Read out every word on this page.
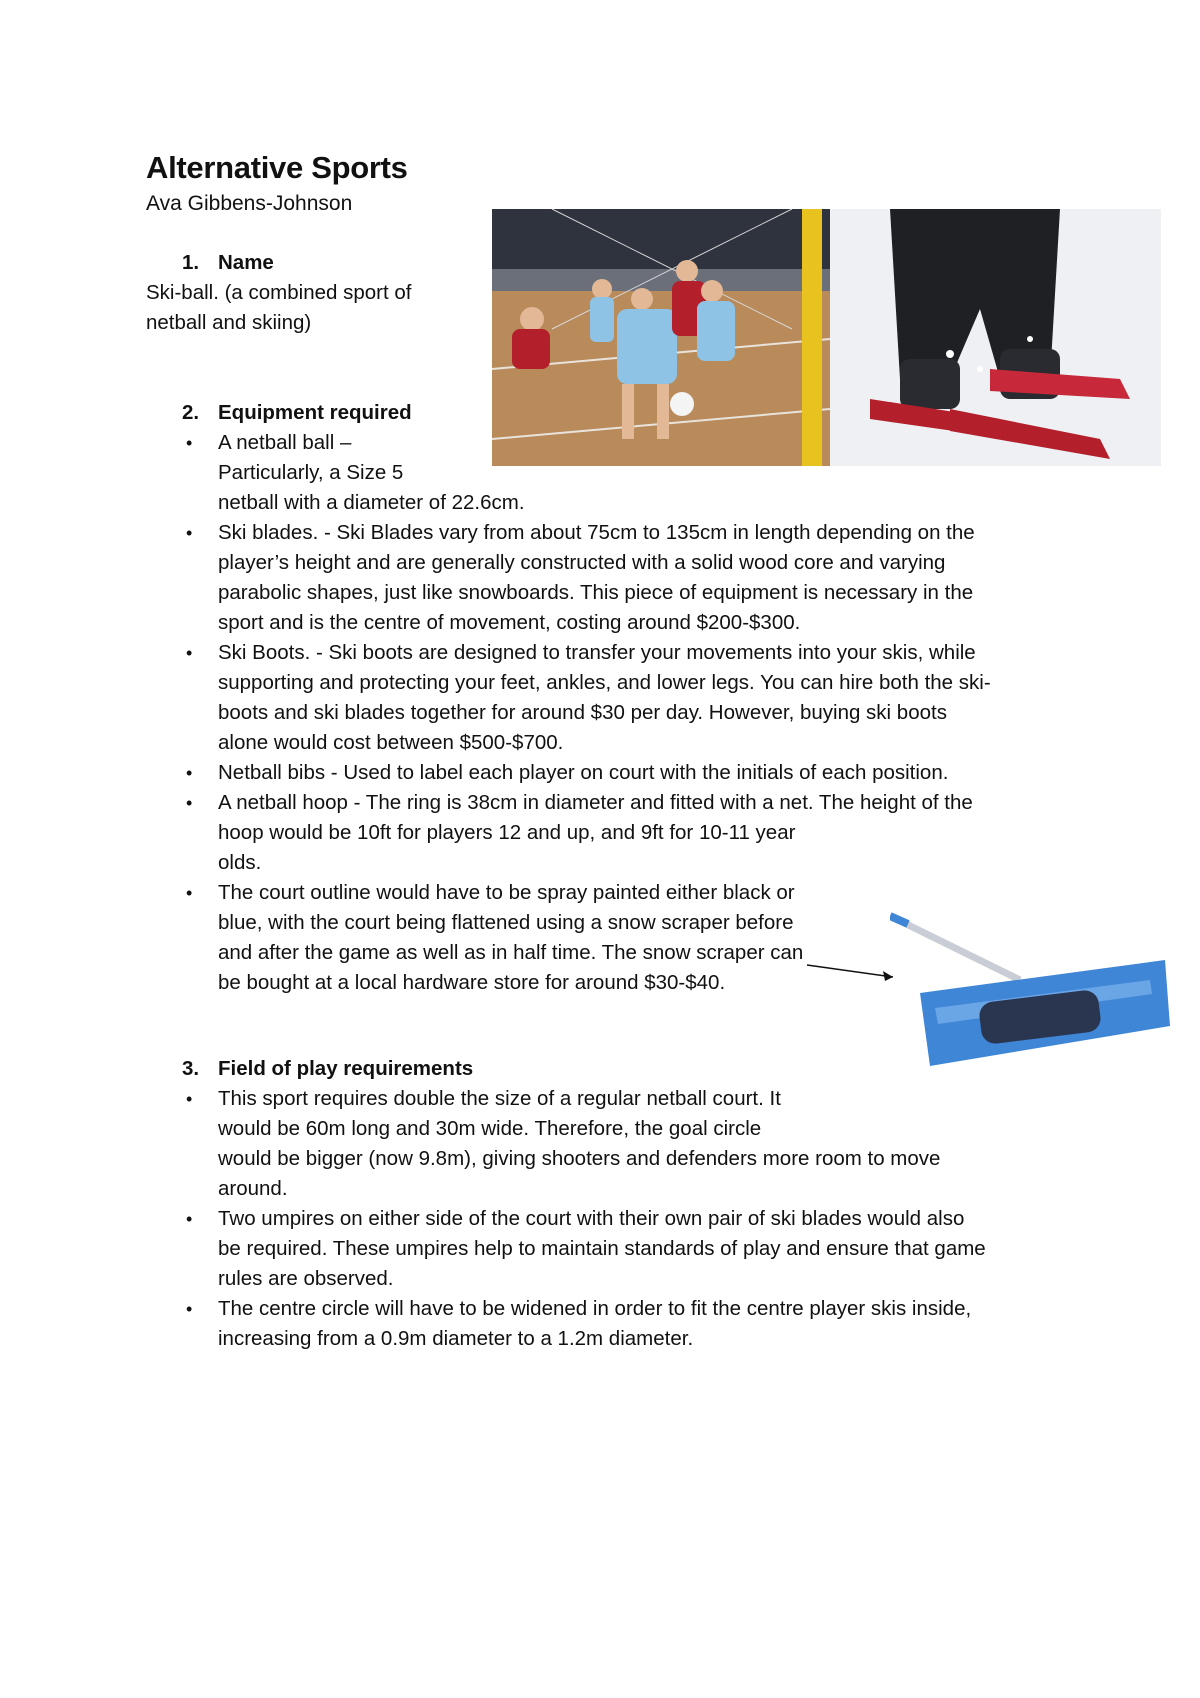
Alternative Sports
Ava Gibbens-Johnson
1. Name
Ski-ball. (a combined sport of
netball and skiing)
2. Equipment required
• A netball ball –
Particularly, a Size 5
netball with a diameter of 22.6cm.
• Ski blades. - Ski Blades vary from about 75cm to 135cm in length depending on the
player’s height and are generally constructed with a solid wood core and varying
parabolic shapes, just like snowboards. This piece of equipment is necessary in the
sport and is the centre of movement, costing around $200-$300.
• Ski Boots. - Ski boots are designed to transfer your movements into your skis, while
supporting and protecting your feet, ankles, and lower legs. You can hire both the ski-
boots and ski blades together for around $30 per day. However, buying ski boots
alone would cost between $500-$700.
• Netball bibs - Used to label each player on court with the initials of each position.
• A netball hoop - The ring is 38cm in diameter and fitted with a net. The height of the
hoop would be 10ft for players 12 and up, and 9ft for 10-11 year
olds.
• The court outline would have to be spray painted either black or
blue, with the court being flattened using a snow scraper before
and after the game as well as in half time. The snow scraper can
be bought at a local hardware store for around $30-$40.
3. Field of play requirements
• This sport requires double the size of a regular netball court. It
would be 60m long and 30m wide. Therefore, the goal circle
would be bigger (now 9.8m), giving shooters and defenders more room to move
around.
• Two umpires on either side of the court with their own pair of ski blades would also
be required. These umpires help to maintain standards of play and ensure that game
rules are observed.
• The centre circle will have to be widened in order to fit the centre player skis inside,
increasing from a 0.9m diameter to a 1.2m diameter.
